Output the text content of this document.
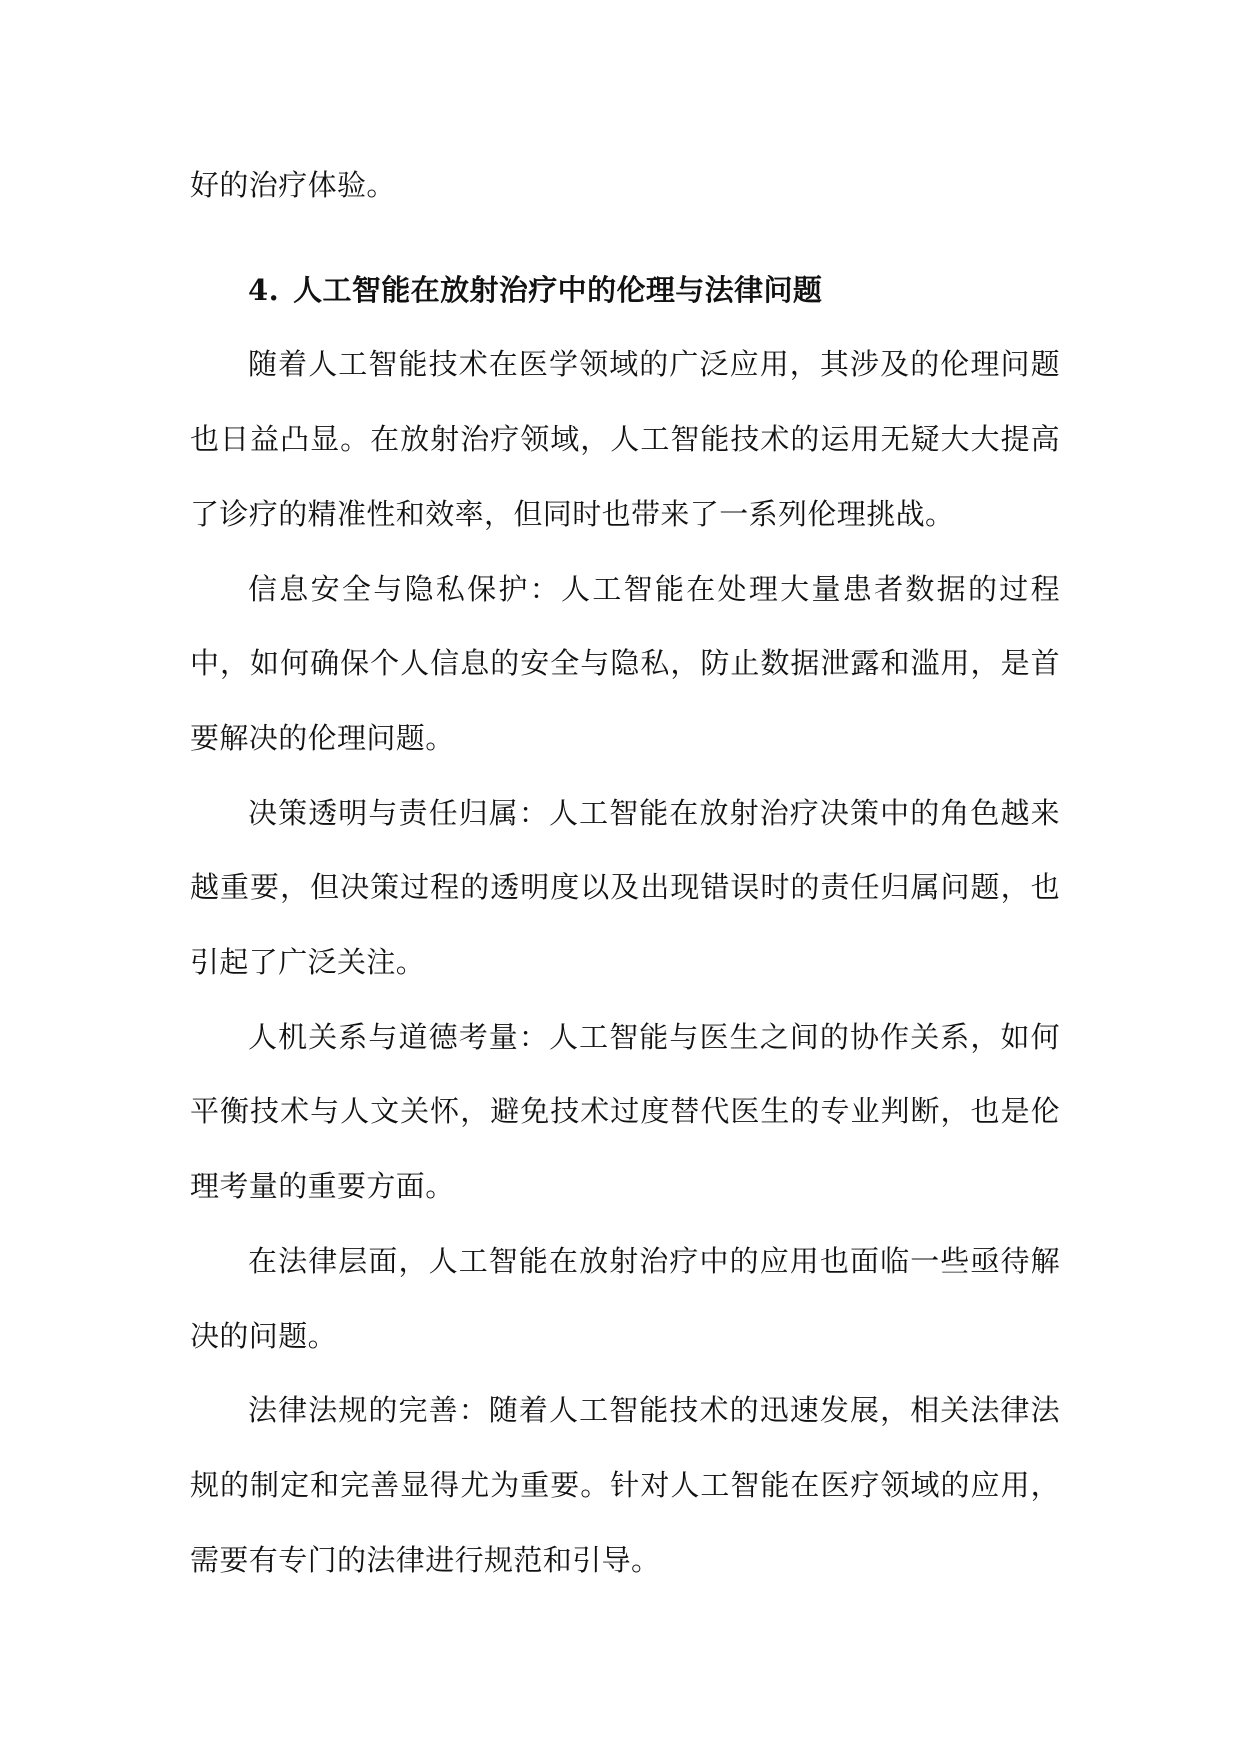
好的治疗体验。

4. 人工智能在放射治疗中的伦理与法律问题

随着人工智能技术在医学领域的广泛应用，其涉及的伦理问题也日益凸显。在放射治疗领域，人工智能技术的运用无疑大大提高了诊疗的精准性和效率，但同时也带来了一系列伦理挑战。

信息安全与隐私保护：人工智能在处理大量患者数据的过程中，如何确保个人信息的安全与隐私，防止数据泄露和滥用，是首要解决的伦理问题。

决策透明与责任归属：人工智能在放射治疗决策中的角色越来越重要，但决策过程的透明度以及出现错误时的责任归属问题，也引起了广泛关注。

人机关系与道德考量：人工智能与医生之间的协作关系，如何平衡技术与人文关怀，避免技术过度替代医生的专业判断，也是伦理考量的重要方面。

在法律层面，人工智能在放射治疗中的应用也面临一些亟待解决的问题。

法律法规的完善：随着人工智能技术的迅速发展，相关法律法规的制定和完善显得尤为重要。针对人工智能在医疗领域的应用，需要有专门的法律进行规范和引导。
